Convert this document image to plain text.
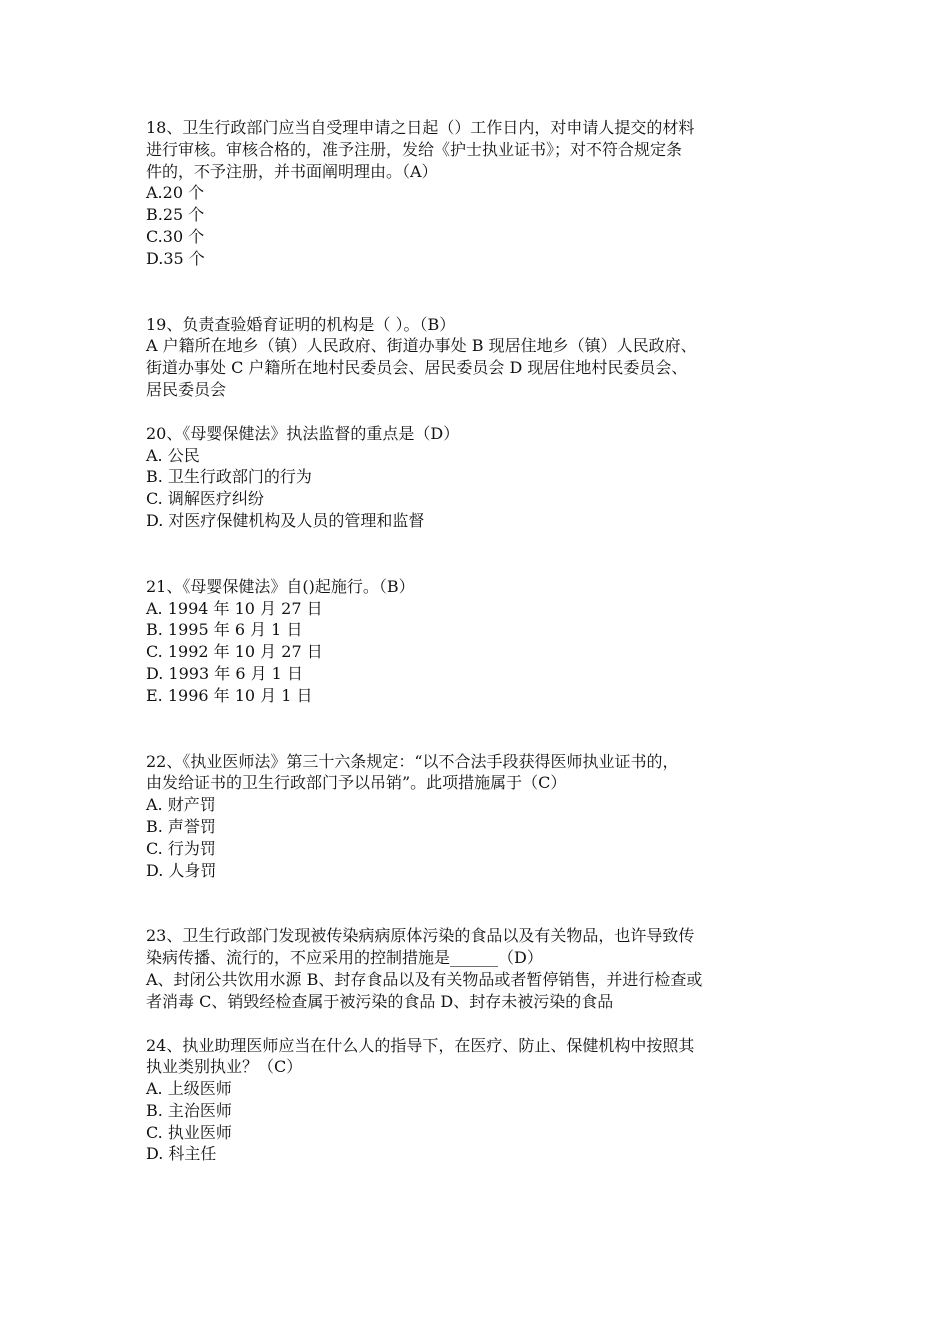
18、卫生行政部门应当自受理申请之日起（）工作日内，对申请人提交的材料
进行审核。审核合格的，准予注册，发给《护士执业证书》；对不符合规定条
件的，不予注册，并书面阐明理由。（A）
A.20 个
B.25 个
C.30 个
D.35 个
19、负责查验婚育证明的机构是（ ）。（B）
A 户籍所在地乡（镇）人民政府、街道办事处 B 现居住地乡（镇）人民政府、
街道办事处 C 户籍所在地村民委员会、居民委员会 D 现居住地村民委员会、
居民委员会
20、《母婴保健法》执法监督的重点是（D）
A. 公民
B. 卫生行政部门的行为
C. 调解医疗纠纷
D. 对医疗保健机构及人员的管理和监督
21、《母婴保健法》自()起施行。（B）
A. 1994 年 10 月 27 日
B. 1995 年 6 月 1 日
C. 1992 年 10 月 27 日
D. 1993 年 6 月 1 日
E. 1996 年 10 月 1 日
22、《执业医师法》第三十六条规定：“以不合法手段获得医师执业证书的，
由发给证书的卫生行政部门予以吊销”。此项措施属于（C）
A. 财产罚
B. 声誉罚
C. 行为罚
D. 人身罚
23、卫生行政部门发现被传染病病原体污染的食品以及有关物品，也许导致传
染病传播、流行的，不应采用的控制措施是______（D）
A、封闭公共饮用水源 B、封存食品以及有关物品或者暂停销售，并进行检查或
者消毒 C、销毁经检查属于被污染的食品 D、封存未被污染的食品
24、执业助理医师应当在什么人的指导下，在医疗、防止、保健机构中按照其
执业类别执业？（C）
A. 上级医师
B. 主治医师
C. 执业医师
D. 科主任
